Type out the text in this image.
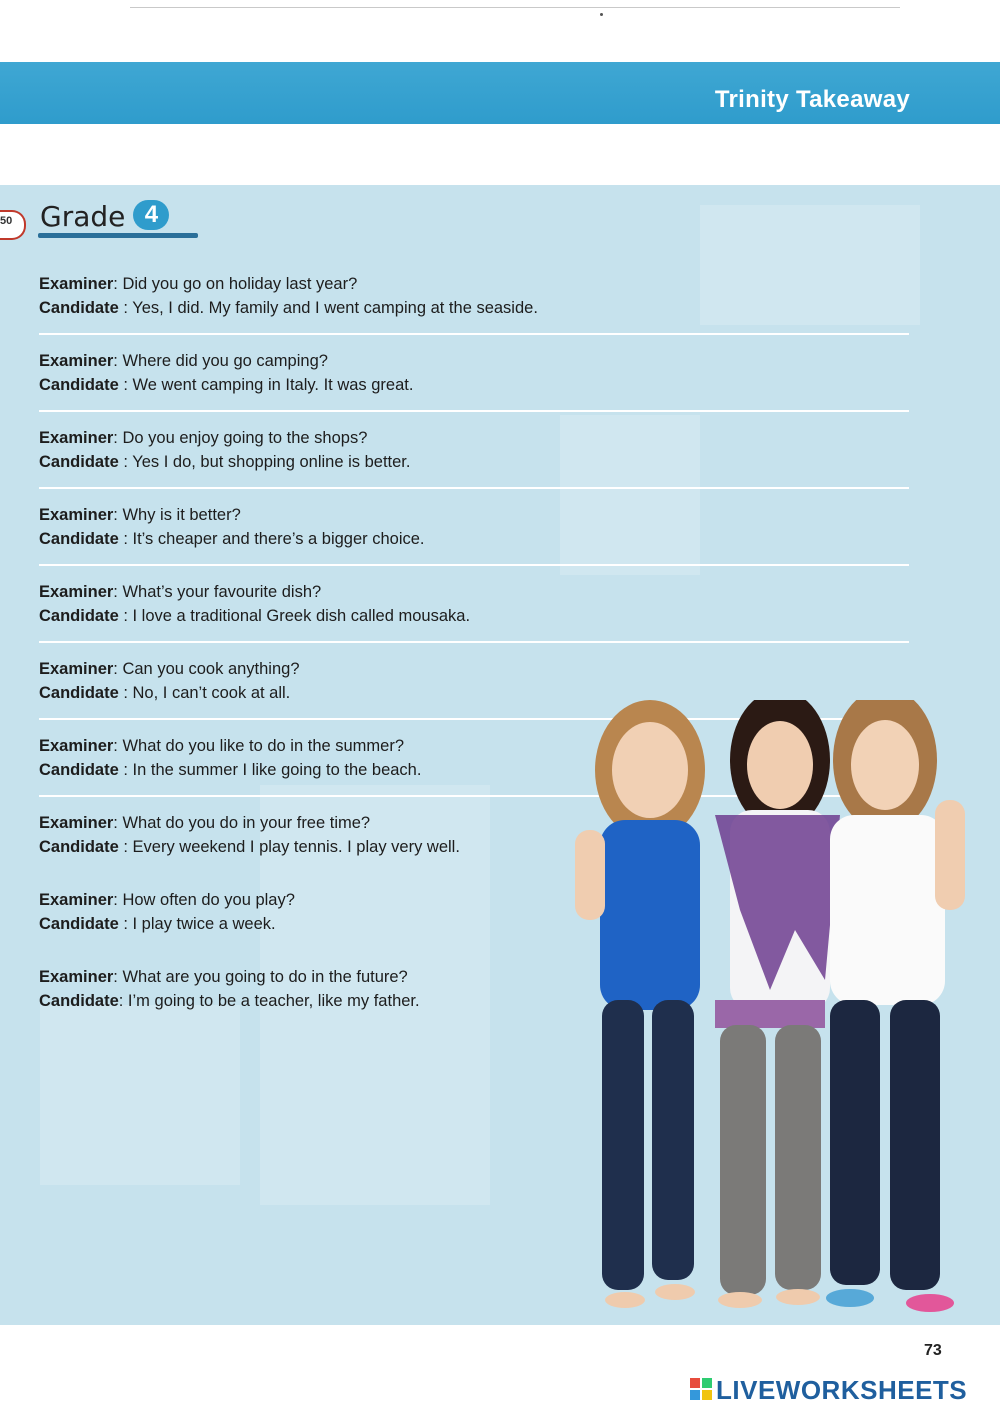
Trinity Takeaway
50 Grade 4
Examiner: Did you go on holiday last year?
Candidate : Yes, I did. My family and I went camping at the seaside.
Examiner: Where did you go camping?
Candidate : We went camping in Italy. It was great.
Examiner: Do you enjoy going to the shops?
Candidate : Yes I do, but shopping online is better.
Examiner: Why is it better?
Candidate : It’s cheaper and there’s a bigger choice.
Examiner: What’s your favourite dish?
Candidate : I love a traditional Greek dish called mousaka.
Examiner: Can you cook anything?
Candidate : No, I can’t cook at all.
Examiner: What do you like to do in the summer?
Candidate : In the summer I like going to the beach.
Examiner: What do you do in your free time?
Candidate : Every weekend I play tennis. I play very well.
Examiner: How often do you play?
Candidate : I play twice a week.
Examiner: What are you going to do in the future?
Candidate: I’m going to be a teacher, like my father.
73
LIVEWORKSHEETS
